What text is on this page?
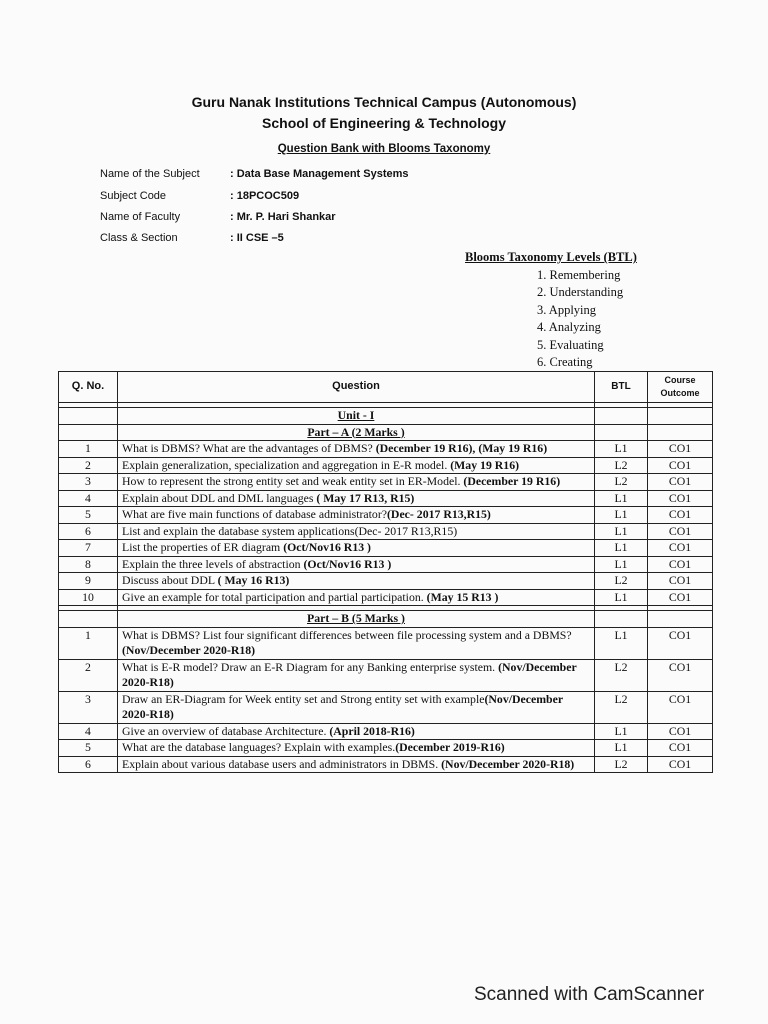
Guru Nanak Institutions Technical Campus (Autonomous)
School of Engineering & Technology
Question Bank with Blooms Taxonomy
Name of the Subject	: Data Base Management Systems
Subject Code	: 18PCOC509
Name of Faculty	: Mr. P. Hari Shankar
Class & Section	: II CSE –5
Blooms Taxonomy Levels (BTL)
1. Remembering
2. Understanding
3. Applying
4. Analyzing
5. Evaluating
6. Creating
Q. No.	Question	BTL	Course Outcome

	Unit - I		
	Part – A (2 Marks )		
1	What is DBMS? What are the advantages of DBMS? (December 19 R16), (May 19 R16)	L1	CO1
2	Explain generalization, specialization and aggregation in E-R model. (May 19 R16)	L2	CO1
3	How to represent the strong entity set and weak entity set in ER-Model. (December 19 R16)	L2	CO1
4	Explain about DDL and DML languages ( May 17 R13, R15)	L1	CO1
5	What are five main functions of database administrator?(Dec- 2017 R13,R15)	L1	CO1
6	List and explain the database system applications(Dec- 2017 R13,R15)	L1	CO1
7	List the properties of ER diagram (Oct/Nov16 R13 )	L1	CO1
8	Explain the three levels of abstraction (Oct/Nov16 R13 )	L1	CO1
9	Discuss about DDL ( May 16 R13)	L2	CO1
10	Give an example for total participation and partial participation. (May 15 R13 )	L1	CO1

	Part – B (5 Marks )		
1	What is DBMS? List four significant differences between file processing system and a DBMS? (Nov/December 2020-R18)	L1	CO1
2	What is E-R model? Draw an E-R Diagram for any Banking enterprise system. (Nov/December 2020-R18)	L2	CO1
3	Draw an ER-Diagram for Week entity set and Strong entity set with example(Nov/December 2020-R18)	L2	CO1
4	Give an overview of database Architecture. (April 2018-R16)	L1	CO1
5	What are the database languages? Explain with examples.(December 2019-R16)	L1	CO1
6	Explain about various database users and administrators in DBMS. (Nov/December 2020-R18)	L2	CO1
Scanned with CamScanner
